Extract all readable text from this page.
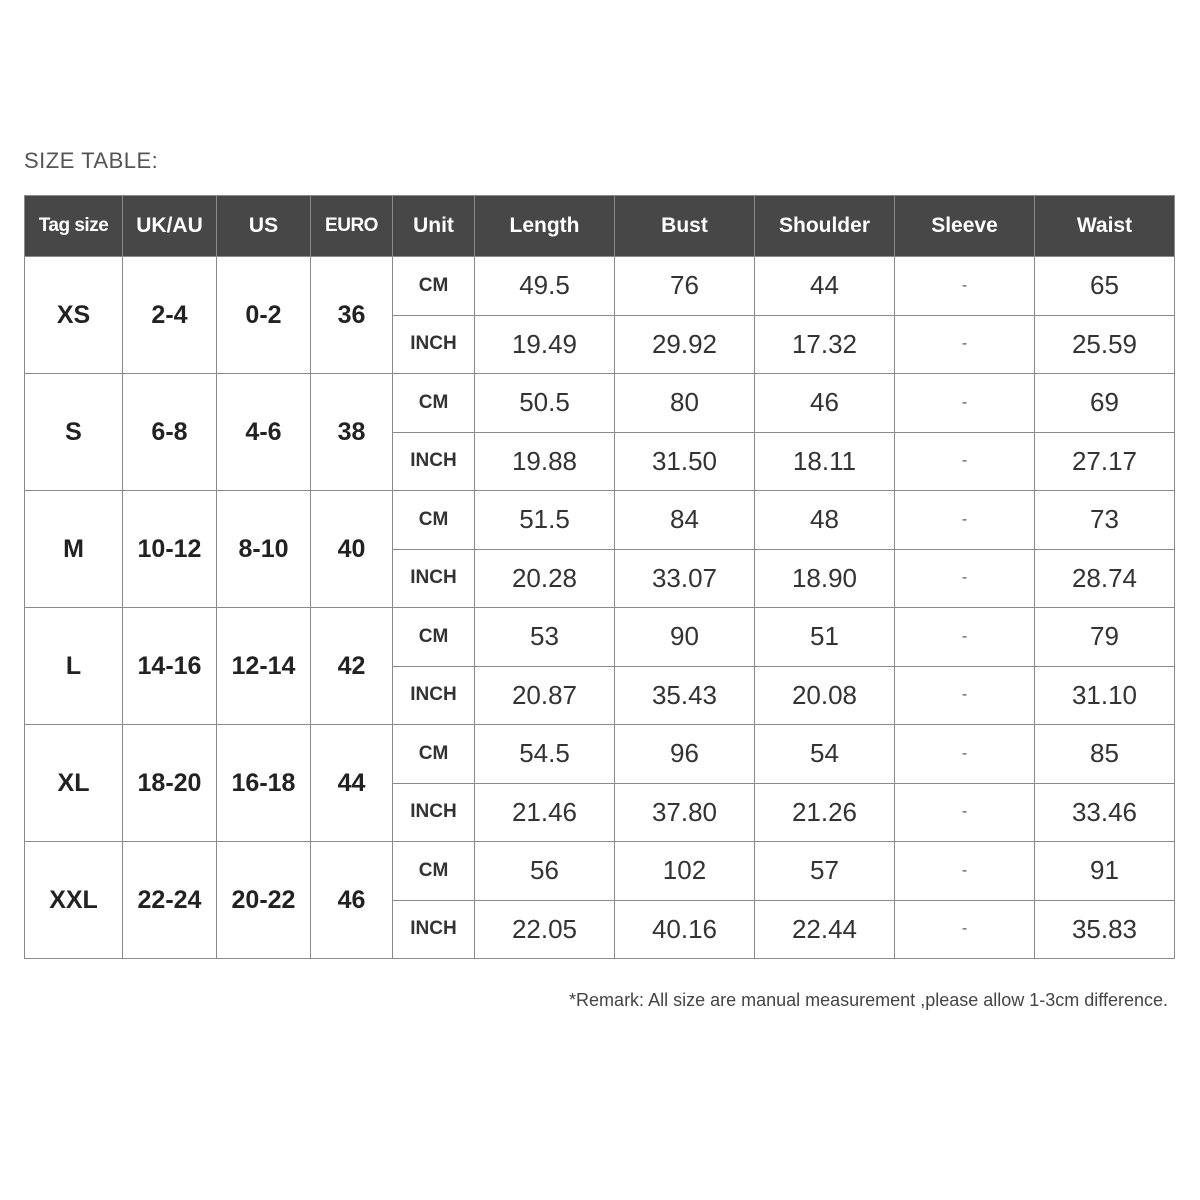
SIZE TABLE:
Tag size	UK/AU	US	EURO	Unit	Length	Bust	Shoulder	Sleeve	Waist
XS	2-4	0-2	36	CM	49.5	76	44	-	65
				INCH	19.49	29.92	17.32	-	25.59
S	6-8	4-6	38	CM	50.5	80	46	-	69
				INCH	19.88	31.50	18.11	-	27.17
M	10-12	8-10	40	CM	51.5	84	48	-	73
				INCH	20.28	33.07	18.90	-	28.74
L	14-16	12-14	42	CM	53	90	51	-	79
				INCH	20.87	35.43	20.08	-	31.10
XL	18-20	16-18	44	CM	54.5	96	54	-	85
				INCH	21.46	37.80	21.26	-	33.46
XXL	22-24	20-22	46	CM	56	102	57	-	91
				INCH	22.05	40.16	22.44	-	35.83
*Remark: All size are manual measurement ,please allow 1-3cm difference.
